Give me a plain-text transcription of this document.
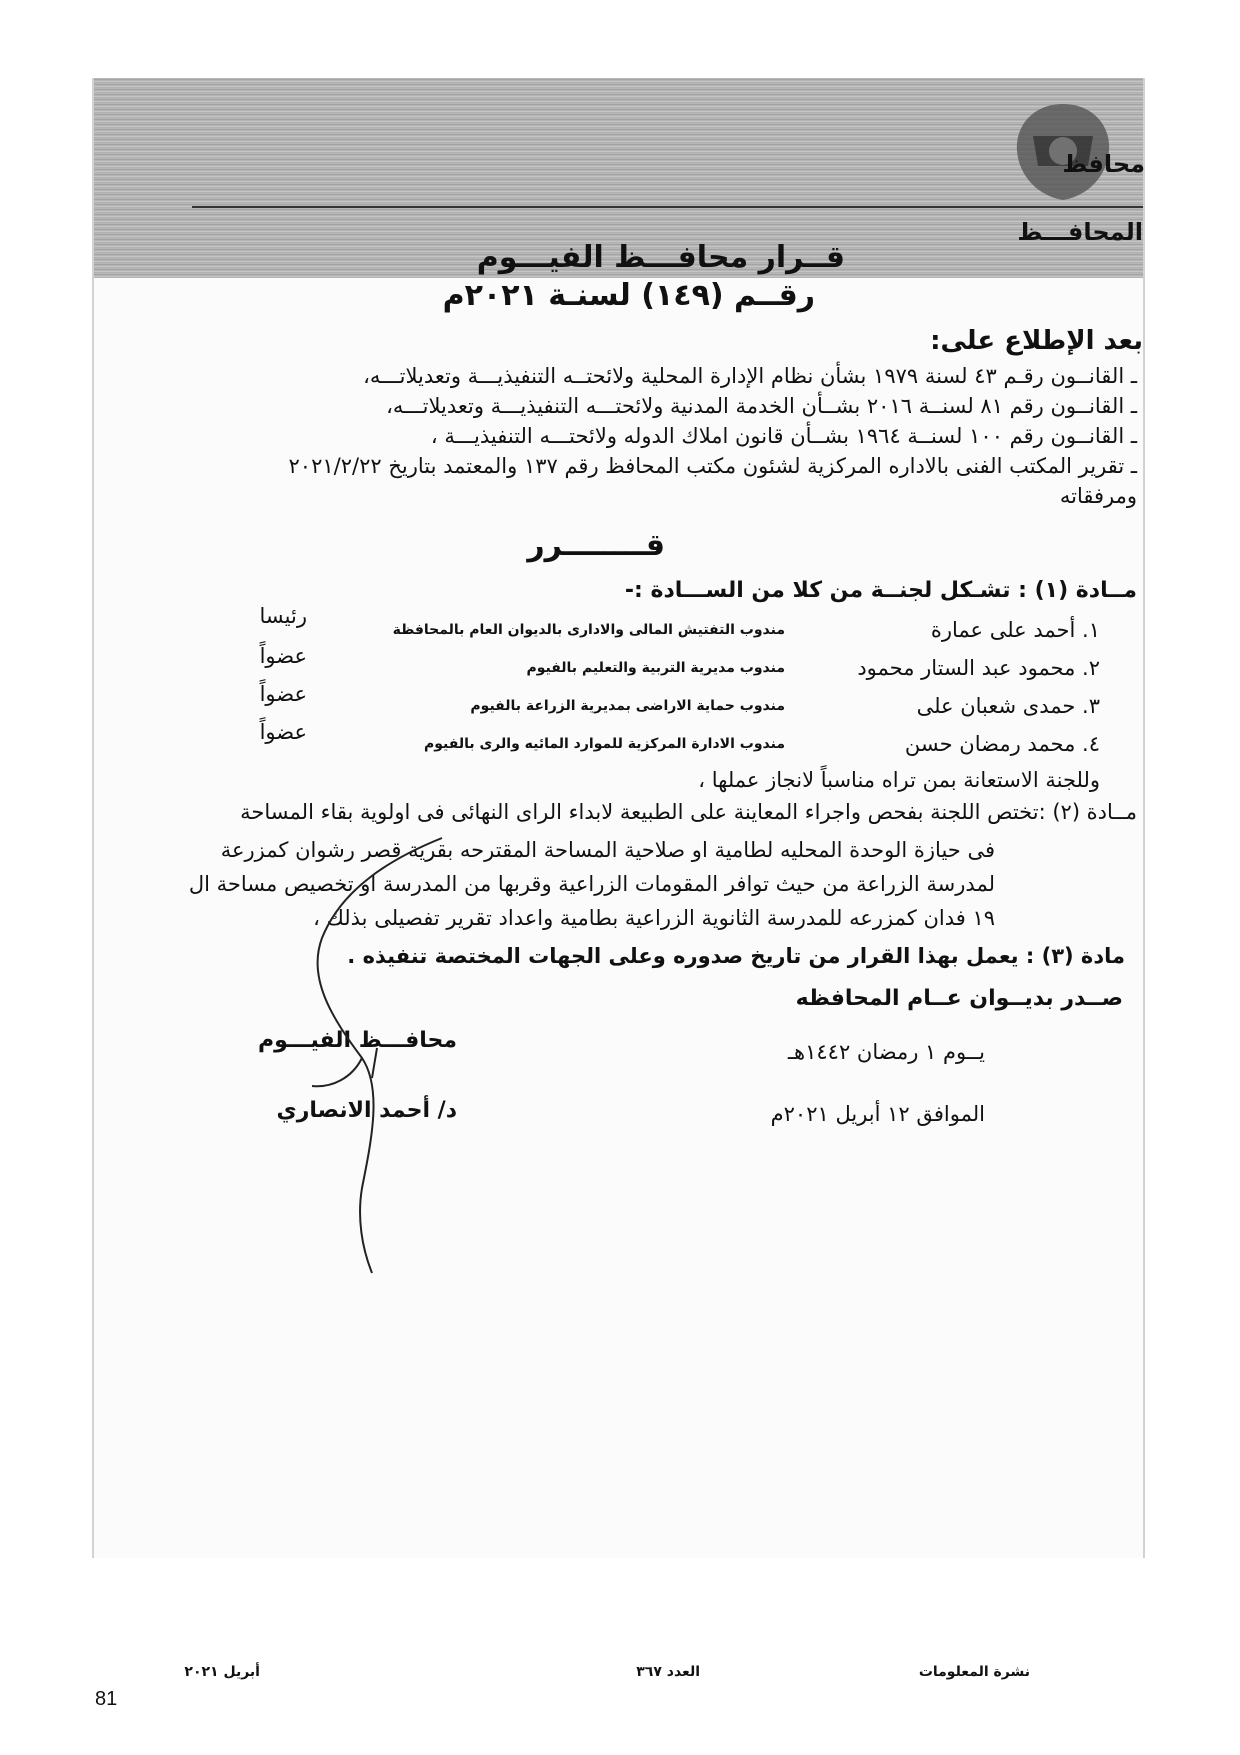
محافظ
المحافـــظ
قــرار محافـــظ الفيـــوم
رقــم (١٤٩) لسنـة ٢٠٢١م
بعد الإطلاع على:
ـ القانــون رقـم ٤٣ لسنة ١٩٧٩ بشأن نظام الإدارة المحلية ولائحتــه التنفيذيـــة وتعديلاتـــه،
ـ القانــون رقم ٨١ لسنــة ٢٠١٦ بشــأن الخدمة المدنية ولائحتـــه التنفيذيـــة وتعديلاتـــه،
ـ القانــون رقم ١٠٠ لسنــة ١٩٦٤ بشــأن قانون املاك الدوله ولائحتـــه التنفيذيـــة ،
ـ تقرير المكتب الفنى بالاداره المركزية لشئون مكتب المحافظ رقم ١٣٧ والمعتمد بتاريخ ٢٠٢١/٢/٢٢
ومرفقاته
قــــــــرر
مــادة (١) : تشـكل لجنــة من كلا من الســـادة :-
١. أحمد على عمارة
مندوب التفتيش المالى والادارى بالديوان العام بالمحافظة
رئيسا
٢. محمود عبد الستار محمود
مندوب مديرية التربية والتعليم بالفيوم
عضواً
٣. حمدى شعبان على
مندوب حماية الاراضى بمديرية الزراعة بالفيوم
عضواً
٤. محمد رمضان حسن
مندوب الادارة المركزية للموارد المائيه والرى بالفيوم
عضواً
وللجنة الاستعانة بمن تراه مناسباً لانجاز عملها ،
مــادة (٢) :تختص اللجنة بفحص واجراء المعاينة على الطبيعة لابداء الراى النهائى فى اولوية بقاء المساحة
فى حيازة الوحدة المحليه لطامية او صلاحية المساحة المقترحه بقرية قصر رشوان كمزرعة
لمدرسة الزراعة من حيث توافر المقومات الزراعية وقربها من المدرسة او تخصيص مساحة ال
١٩ فدان كمزرعه للمدرسة الثانوية الزراعية بطامية واعداد تقرير تفصيلى بذلك ،
مادة (٣) : يعمل بهذا القرار من تاريخ صدوره وعلى الجهات المختصة تنفيذه .
صــدر بديــوان عــام المحافظه
يــوم ١ رمضان ١٤٤٢هـ
الموافق ١٢ أبريل ٢٠٢١م
محافـــظ الفيـــوم
د/ أحمد الانصاري
نشرة المعلومات
العدد ٣٦٧
أبريل ٢٠٢١
81
